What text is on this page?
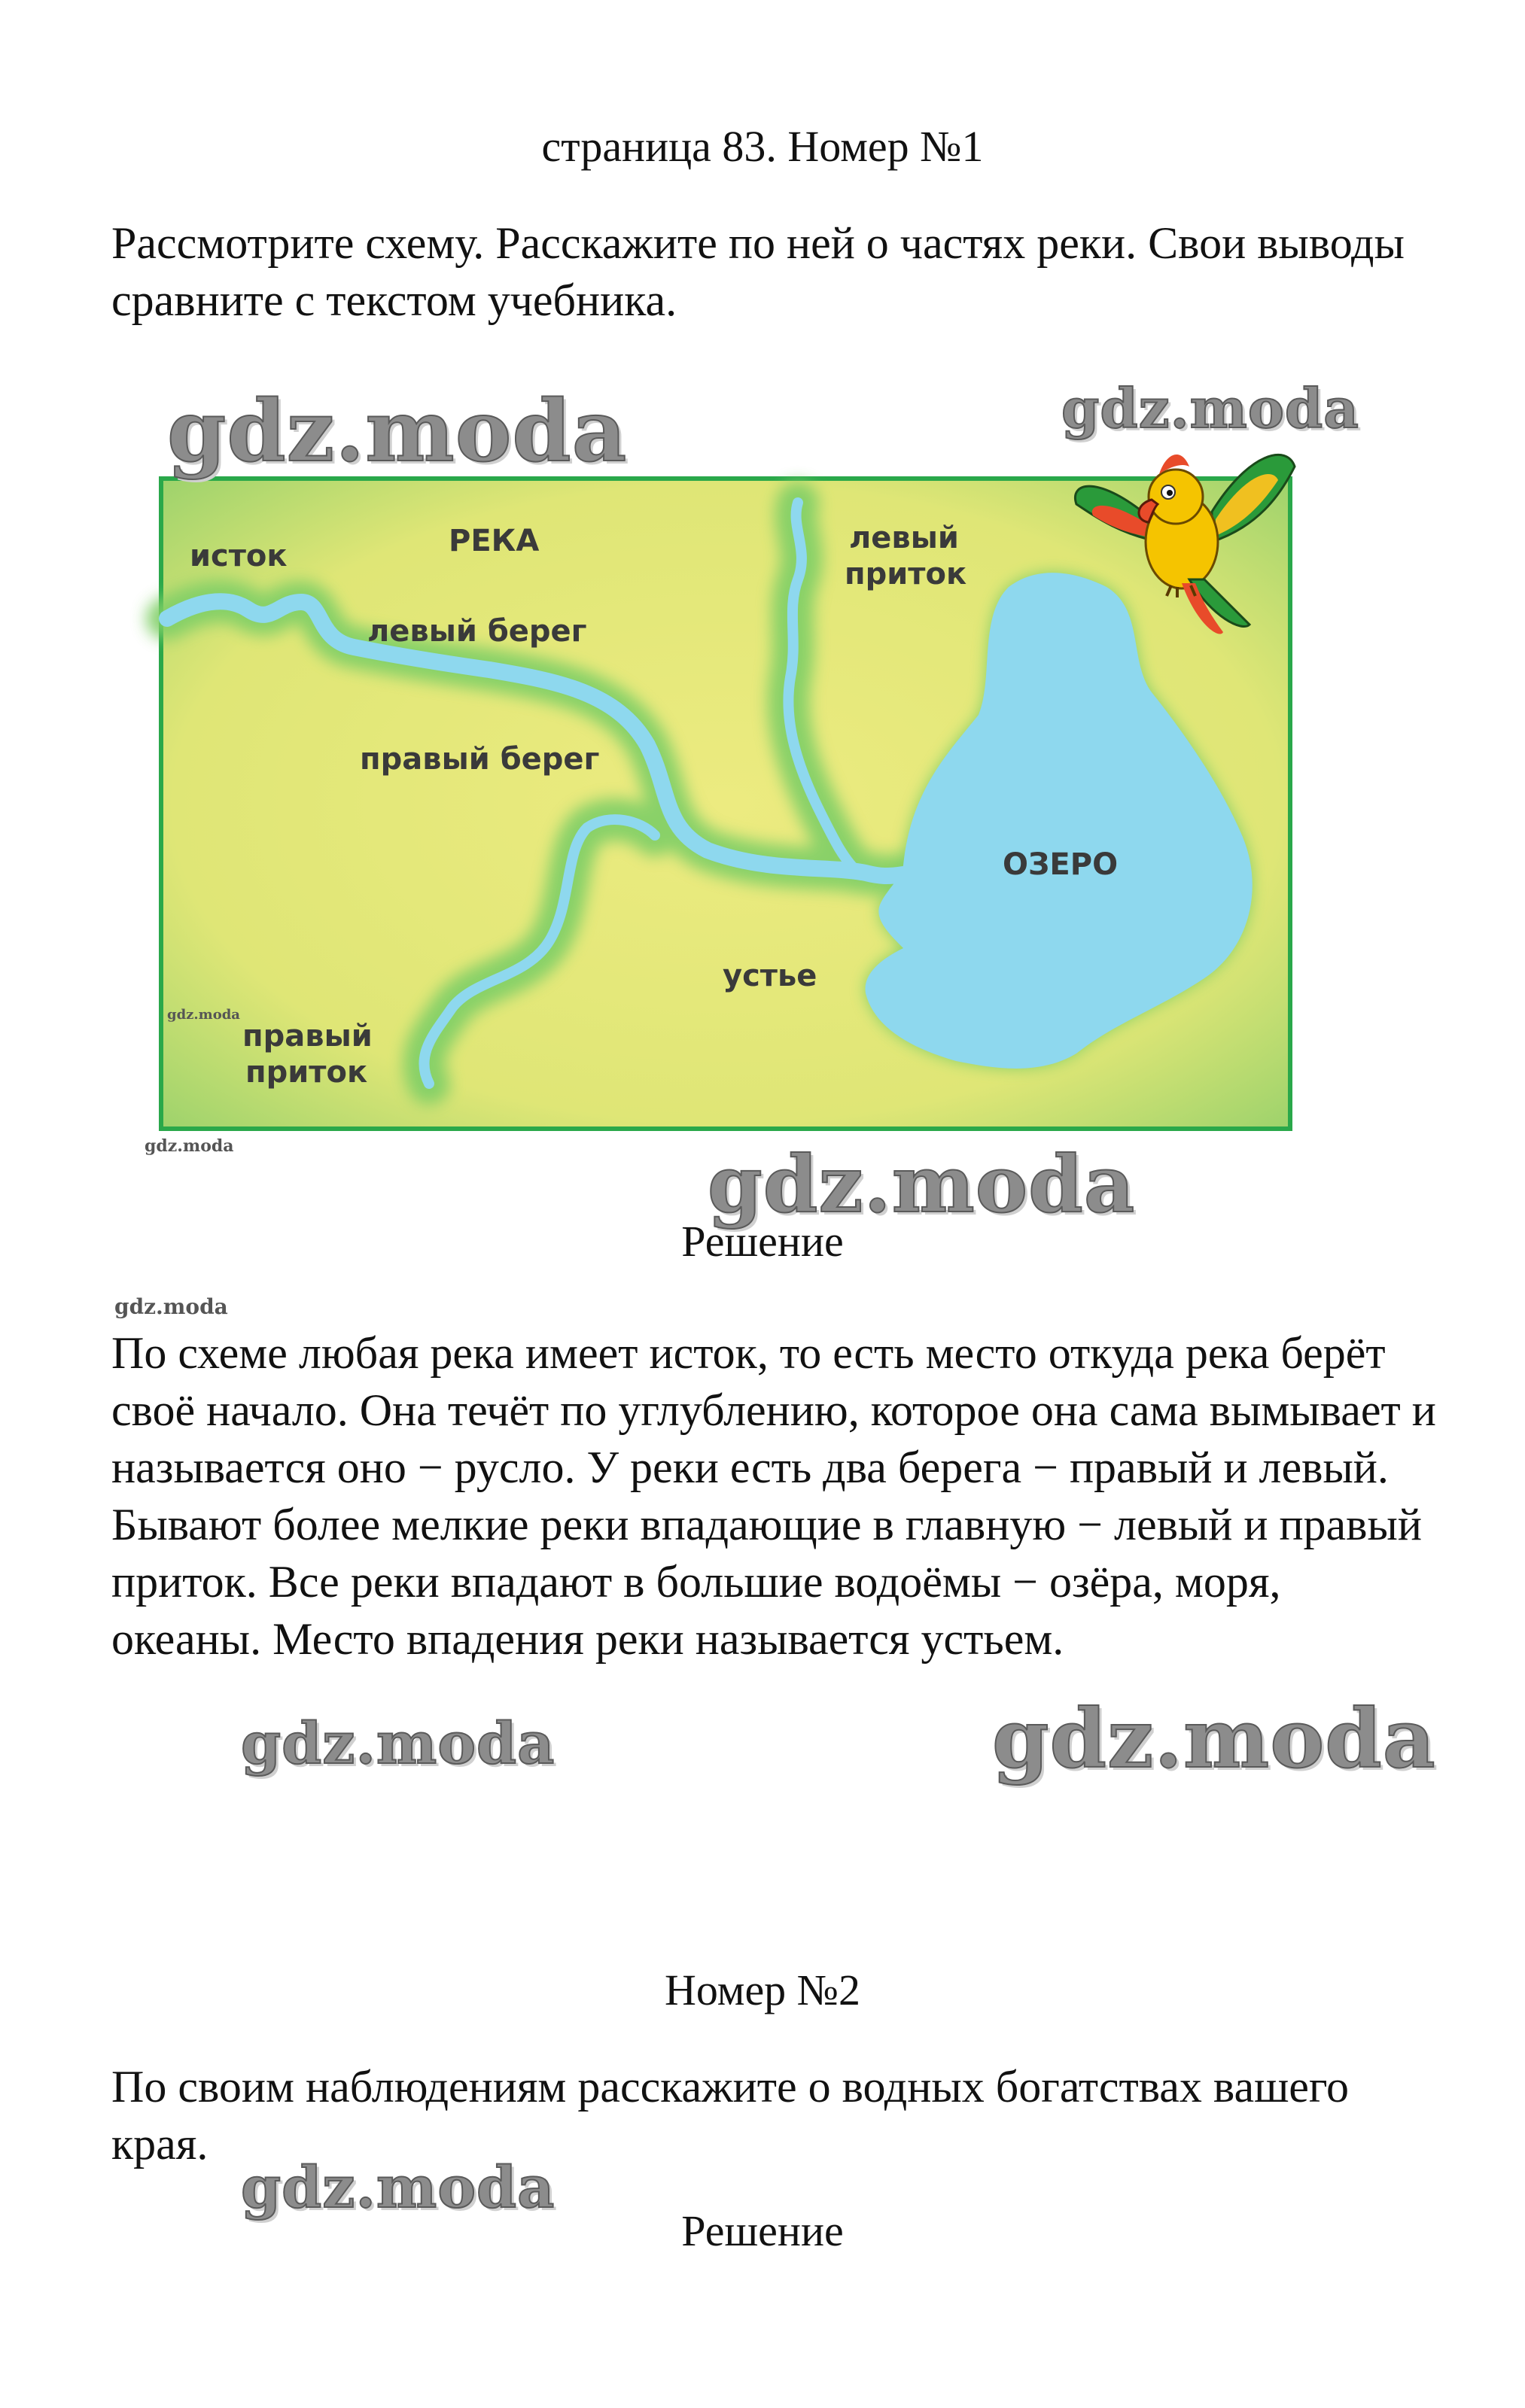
страница 83. Номер №1

Рассмотрите схему. Расскажите по ней о частях реки. Свои выводы сравните с текстом учебника.

исток	РЕКА
левый берег
правый берег
левый
приток
правый
приток
устье
ОЗЕРО
Решение

По схеме любая река имеет исток, то есть место откуда река берёт своё начало. Она течёт по углублению, которое она сама вымывает и называется оно − русло. У реки есть два берега − правый и левый. Бывают более мелкие реки впадающие в главную − левый и правый приток. Все реки впадают в большие водоёмы − озёра, моря, океаны. Место впадения реки называется устьем.

Номер №2

По своим наблюдениям расскажите о водных богатствах вашего края.

Решение
gdz.moda	gdz.moda
gdz.moda
gdz.moda	gdz.moda
gdz.moda
gdz.moda
gdz.moda
gdz.moda
